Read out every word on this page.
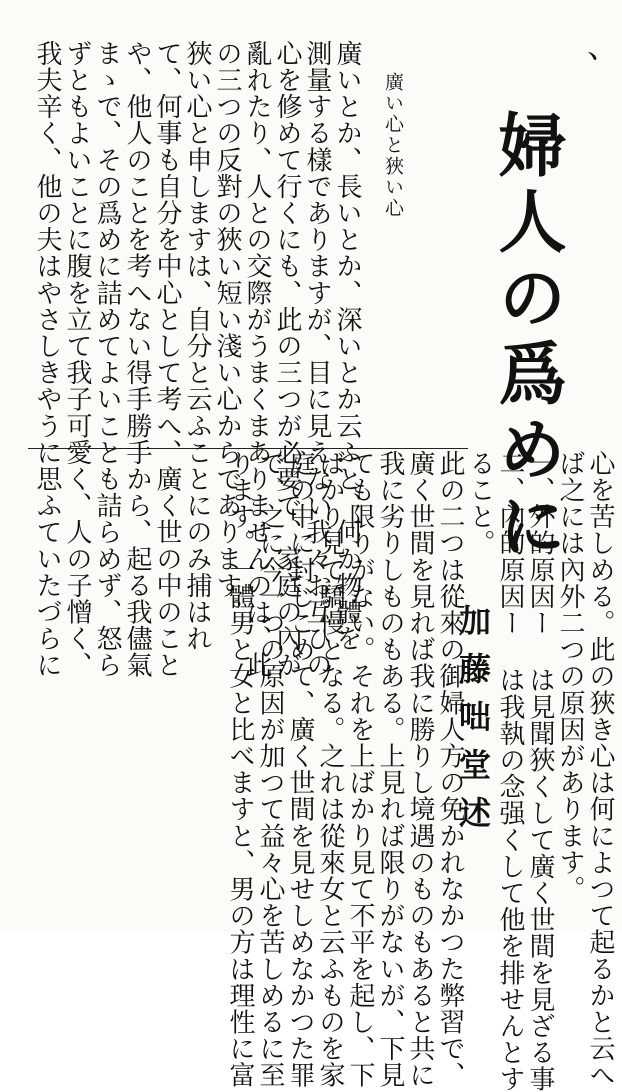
、
婦人の爲めに
加藤咄堂述
廣い心と狹い心
廣いとか、長いとか、深いとか云ふと、何か物體を
測量する樣でありますが、目に見えない我々お互ひの
心を修めて行くにも、此の三つが必要で、家庭の內が
亂れたり、人との交際がうまくまありませんのは、此
の三つの反對の狹い短い淺い心からであります。
狹い心と申しますは、自分と云ふことにのみ捕はれ
て、何事も自分を中心として考へ、廣く世の中のこと
や、他人のことを考へない得手勝手から、起る我儘氣
まゝで、その爲めに詰めてよいことも詰らめず、怒ら
ずともよいことに腹を立て我子可愛く、人の子憎く、
我夫辛く、他の夫はやさしきやうに思ふていたづらに
心を苦しめる。此の狹き心は何によつて起るかと云へ
ば之には內外二つの原因があります。
一、外的原因ー は見聞狹くして廣く世間を見ざる事
二、內的原因ー は我執の念强くして他を排せんとす
ること。
此の二つは從來の御婦人方の免かれなかつた弊習で、
廣く世間を見れば我に勝りし境遇のものもあると共に
我に劣りしものもある。上見れば限りがないが、下見
ても限りがない。それを上ばかり見て不平を起し、下
ばかり見て驕慢となる。之れは從來女と云ふものを家
庭の中に封じこめて、廣く世間を見せしめなかつた罪
で、之に今一つの原因が加つて益々心を苦しめるに至
ります。一體男と女と比べますと、男の方は理性に富
